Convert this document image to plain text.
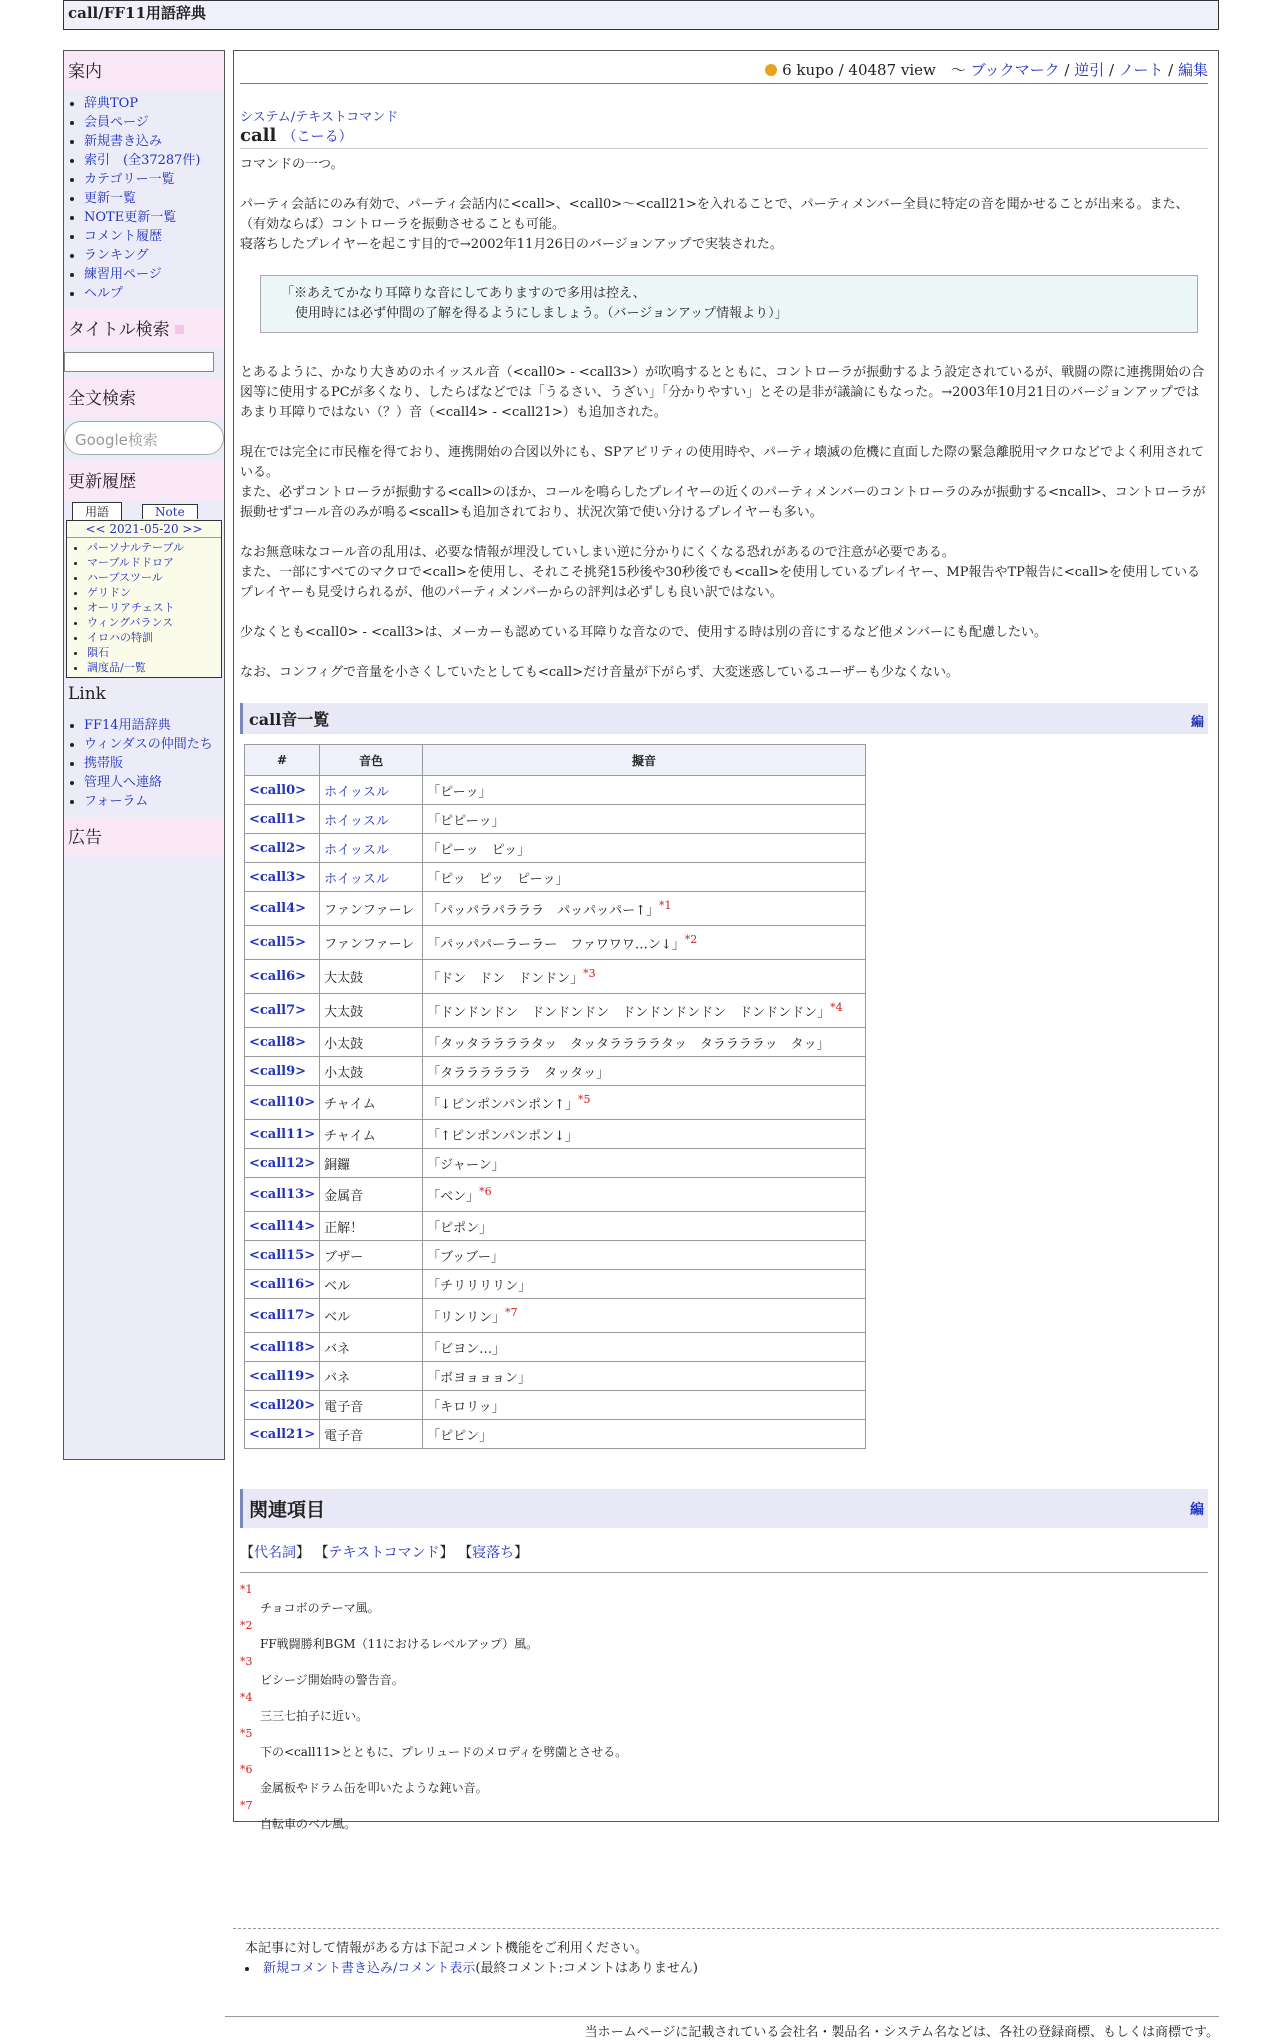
call/FF11用語辞典
案内
• 辞典TOP
• 会員ページ
• 新規書き込み
• 索引　(全37287件)
• カテゴリー一覧
• 更新一覧
• NOTE更新一覧
• コメント履歴
• ランキング
• 練習用ページ
• ヘルプ
タイトル検索
全文検索
Google検索
更新履歴
用語	Note
<< 2021-05-20 >>
• パーソナルテーブル
• マーブルドドロア
• ハーブスツール
• ゲリドン
• オーリアチェスト
• ウィングバランス
• イロハの特訓
• 隕石
• 調度品/一覧
Link
• FF14用語辞典
• ウィンダスの仲間たち
• 携帯版
• 管理人へ連絡
• フォーラム
広告
6 kupo / 40487 view　～ ブックマーク / 逆引 / ノート / 編集
システム/テキストコマンド
call （こーる）

コマンドの一つ。

パーティ会話にのみ有効で、パーティ会話内に<call>、<call0>～<call21>を入れることで、パーティメンバー全員に特定の音を聞かせることが出来る。また、（有効ならば）コントローラを振動させることも可能。
寝落ちしたプレイヤーを起こす目的で→2002年11月26日のバージョンアップで実装された。

「※あえてかなり耳障りな音にしてありますので多用は控え、
使用時には必ず仲間の了解を得るようにしましょう。（バージョンアップ情報より）」

とあるように、かなり大きめのホイッスル音（<call0> - <call3>）が吹鳴するとともに、コントローラが振動するよう設定されているが、戦闘の際に連携開始の合図等に使用するPCが多くなり、したらばなどでは「うるさい、うざい」「分かりやすい」とその是非が議論にもなった。→2003年10月21日のバージョンアップではあまり耳障りではない（？）音（<call4> - <call21>）も追加された。

現在では完全に市民権を得ており、連携開始の合図以外にも、SPアビリティの使用時や、パーティ壊滅の危機に直面した際の緊急離脱用マクロなどでよく利用されている。
また、必ずコントローラが振動する<call>のほか、コールを鳴らしたプレイヤーの近くのパーティメンバーのコントローラのみが振動する<ncall>、コントローラが振動せずコール音のみが鳴る<scall>も追加されており、状況次第で使い分けるプレイヤーも多い。

なお無意味なコール音の乱用は、必要な情報が埋没していしまい逆に分かりにくくなる恐れがあるので注意が必要である。
また、一部にすべてのマクロで<call>を使用し、それこそ挑発15秒後や30秒後でも<call>を使用しているプレイヤー、MP報告やTP報告に<call>を使用しているプレイヤーも見受けられるが、他のパーティメンバーからの評判は必ずしも良い訳ではない。

少なくとも<call0> - <call3>は、メーカーも認めている耳障りな音なので、使用する時は別の音にするなど他メンバーにも配慮したい。

なお、コンフィグで音量を小さくしていたとしても<call>だけ音量が下がらず、大変迷惑しているユーザーも少なくない。

call音一覧	編
#	音色	擬音
<call0>	ホイッスル	「ピーッ」
<call1>	ホイッスル	「ピピーッ」
<call2>	ホイッスル	「ピーッ　ピッ」
<call3>	ホイッスル	「ピッ　ピッ　ピーッ」
<call4>	ファンファーレ	「パッパラパラララ　パッパッパー↑」$^{*1}$
<call5>	ファンファーレ	「パッパパーラーラー　ファワワワ…ン↓」$^{*2}$
<call6>	大太鼓	「ドン　ドン　ドンドン」$^{*3}$
<call7>	大太鼓	「ドンドンドン　ドンドンドン　ドンドンドンドン　ドンドンドン」$^{*4}$
<call8>	小太鼓	「タッタララララタッ　タッタララララタッ　タララララッ　タッ」
<call9>	小太鼓	「タララララララ　タッタッ」
<call10>	チャイム	「↓ピンポンパンポン↑」$^{*5}$
<call11>	チャイム	「↑ピンポンパンポン↓」
<call12>	銅鑼	「ジャーン」
<call13>	金属音	「ベン」$^{*6}$
<call14>	正解！	「ピポン」
<call15>	ブザー	「ブッブー」
<call16>	ベル	「チリリリリン」
<call17>	ベル	「リンリン」$^{*7}$
<call18>	バネ	「ビヨン…」
<call19>	バネ	「ボヨョョョン」
<call20>	電子音	「キロリッ」
<call21>	電子音	「ピピン」
関連項目	編
【代名詞】 【テキストコマンド】 【寝落ち】
*1
チョコボのテーマ風。
*2
FF戦闘勝利BGM（11におけるレベルアップ）風。
*3
ビシージ開始時の警告音。
*4
三三七拍子に近い。
*5
下の<call11>とともに、プレリュードのメロディを劈薗とさせる。
*6
金属板やドラム缶を叩いたような鈍い音。
*7
自転車のベル風。
本記事に対して情報がある方は下記コメント機能をご利用ください。
• 新規コメント書き込み/コメント表示(最終コメント:コメントはありません)
当ホームページに記載されている会社名・製品名・システム名などは、各社の登録商標、もしくは商標です。
